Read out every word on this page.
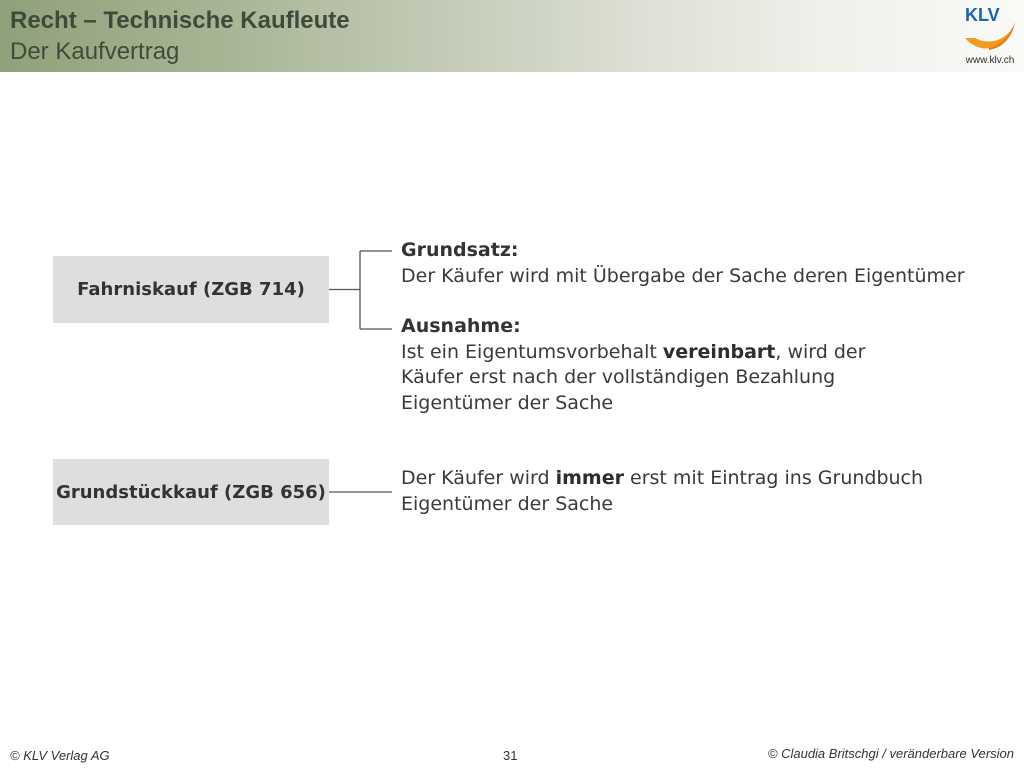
Recht – Technische Kaufleute
Der Kaufvertrag
KLV
www.klv.ch
Fahrniskauf (ZGB 714)
Grundstückkauf (ZGB 656)
Grundsatz:
Der Käufer wird mit Übergabe der Sache deren Eigentümer
Ausnahme:
Ist ein Eigentumsvorbehalt vereinbart, wird der
Käufer erst nach der vollständigen Bezahlung
Eigentümer der Sache
Der Käufer wird immer erst mit Eintrag ins Grundbuch
Eigentümer der Sache
© KLV Verlag AG	31	© Claudia Britschgi / veränderbare Version
